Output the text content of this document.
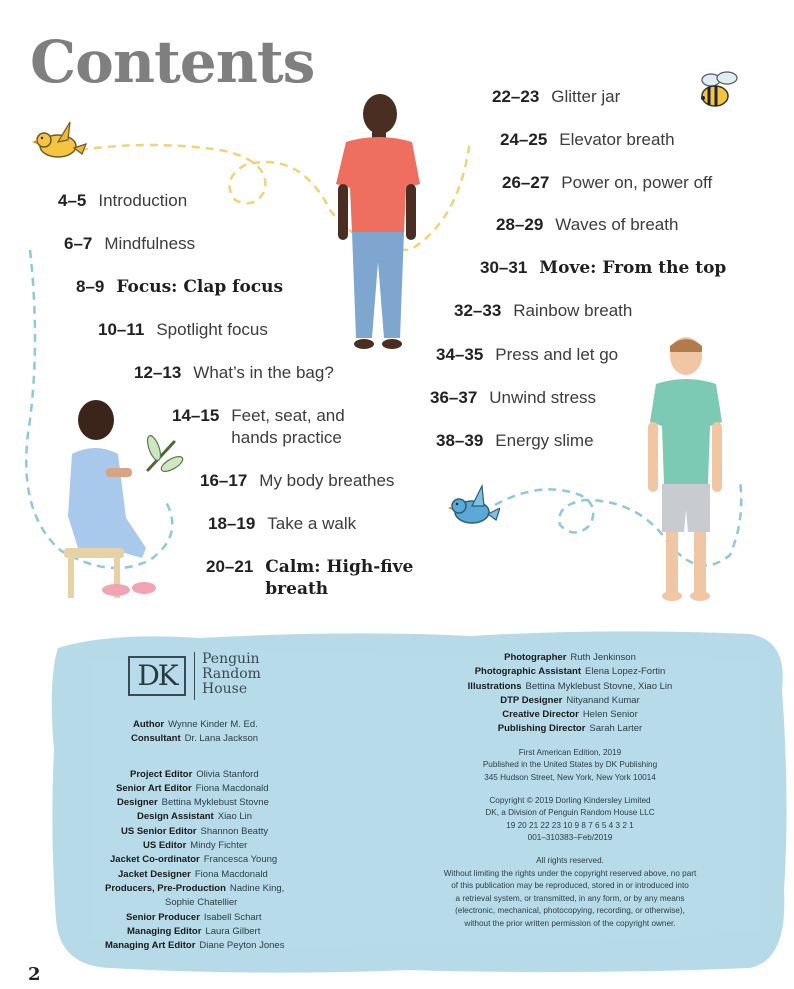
Contents
4–5 Introduction
6–7 Mindfulness
8–9 Focus: Clap focus
10–11 Spotlight focus
12–13 What’s in the bag?
14–15 Feet, seat, and hands practice
16–17 My body breathes
18–19 Take a walk
20–21 Calm: High-five breath
22–23 Glitter jar
24–25 Elevator breath
26–27 Power on, power off
28–29 Waves of breath
30–31 Move: From the top
32–33 Rainbow breath
34–35 Press and let go
36–37 Unwind stress
38–39 Energy slime
DK	Penguin
Random
House
Author Wynne Kinder M. Ed.
Consultant Dr. Lana Jackson
Project Editor Olivia Stanford
Senior Art Editor Fiona Macdonald
Designer Bettina Myklebust Stovne
Design Assistant Xiao Lin
US Senior Editor Shannon Beatty
US Editor Mindy Fichter
Jacket Co-ordinator Francesca Young
Jacket Designer Fiona Macdonald
Producers, Pre-Production Nadine King,
Sophie Chatellier
Senior Producer Isabell Schart
Managing Editor Laura Gilbert
Managing Art Editor Diane Peyton Jones
Photographer Ruth Jenkinson
Photographic Assistant Elena Lopez-Fortin
Illustrations Bettina Myklebust Stovne, Xiao Lin
DTP Designer Nityanand Kumar
Creative Director Helen Senior
Publishing Director Sarah Larter
First American Edition, 2019
Published in the United States by DK Publishing
345 Hudson Street, New York, New York 10014
Copyright © 2019 Dorling Kindersley Limited
DK, a Division of Penguin Random House LLC
19 20 21 22 23 10 9 8 7 6 5 4 3 2 1
001–310383–Feb/2019
All rights reserved.
Without limiting the rights under the copyright reserved above, no part
of this publication may be reproduced, stored in or introduced into
a retrieval system, or transmitted, in any form, or by any means
(electronic, mechanical, photocopying, recording, or otherwise),
without the prior written permission of the copyright owner.
2
